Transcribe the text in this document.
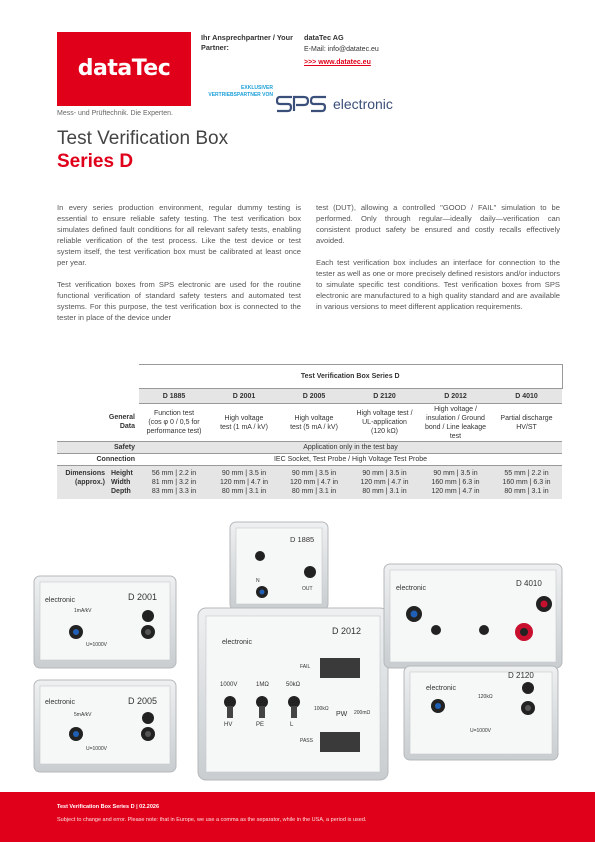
dataTec
Mess- und Prüftechnik. Die Experten.
Ihr Ansprechpartner / Your Partner:
dataTec AG
E-Mail: info@datatec.eu
>>> www.datatec.eu
EXKLUSIVER VERTRIEBSPARTNER VON
electronic
Test Verification Box
Series D

In every series production environment, regular dummy testing is essential to ensure reliable safety testing. The test verification box simulates defined fault conditions for all relevant safety tests, enabling reliable verification of the test process. Like the test device or test system itself, the test verification box must be calibrated at least once per year.

Test verification boxes from SPS electronic are used for the routine functional verification of standard safety testers and automated test systems. For this purpose, the test verification box is connected to the tester in place of the device under

test (DUT), allowing a controlled "GOOD / FAIL" simulation to be performed. Only through regular—ideally daily—verification can consistent product safety be ensured and costly recalls effectively avoided.

Each test verification box includes an interface for connection to the tester as well as one or more precisely defined resistors and/or inductors to simulate specific test conditions. Test verification boxes from SPS electronic are manufactured to a high quality standard and are available in various versions to meet different application requirements.

		Test Verification Box Series D					
		D 1885	D 2001	D 2005	D 2120	D 2012	D 4010

General
Data		Function test
(cos φ 0 / 0,5 for
performance test)	High voltage
test (1 mA / kV)	High voltage
test (5 mA / kV)	High voltage test /
UL-application
(120 kΩ)	High voltage /
insulation / Ground
bond / Line leakage
test	Partial discharge
HV/ST

Safety		Application only in the test bay					
Connection		IEC Socket, Test Probe / High Voltage Test Probe					

Dimensions
(approx.)	Height
Width
Depth	56 mm | 2.2 in
81 mm | 3.2 in
83 mm | 3.3 in	90 mm | 3.5 in
120 mm | 4.7 in
80 mm | 3.1 in	90 mm | 3.5 in
120 mm | 4.7 in
80 mm | 3.1 in	90 mm | 3.5 in
120 mm | 4.7 in
80 mm | 3.1 in	90 mm | 3.5 in
160 mm | 6.3 in
120 mm | 4.7 in	55 mm | 2.2 in
160 mm | 6.3 in
80 mm | 3.1 in
electronic	D 2001
1mA/kV
U=1000V
electronic	D 2005
5mA/kV
U=1000V
D 1885
N
OUT
electronic
D 2012
FAIL
1000V	1MΩ	50kΩ
100kΩ
PW 200mΩ
HV	PE	L
PASS
electronic
D 4010
electronic
D 2120
120kΩ
U=1000V
Test Verification Box Series D | 02.2026
Subject to change and error. Please note: that in Europe, we use a comma as the separator, while in the USA, a period is used.
